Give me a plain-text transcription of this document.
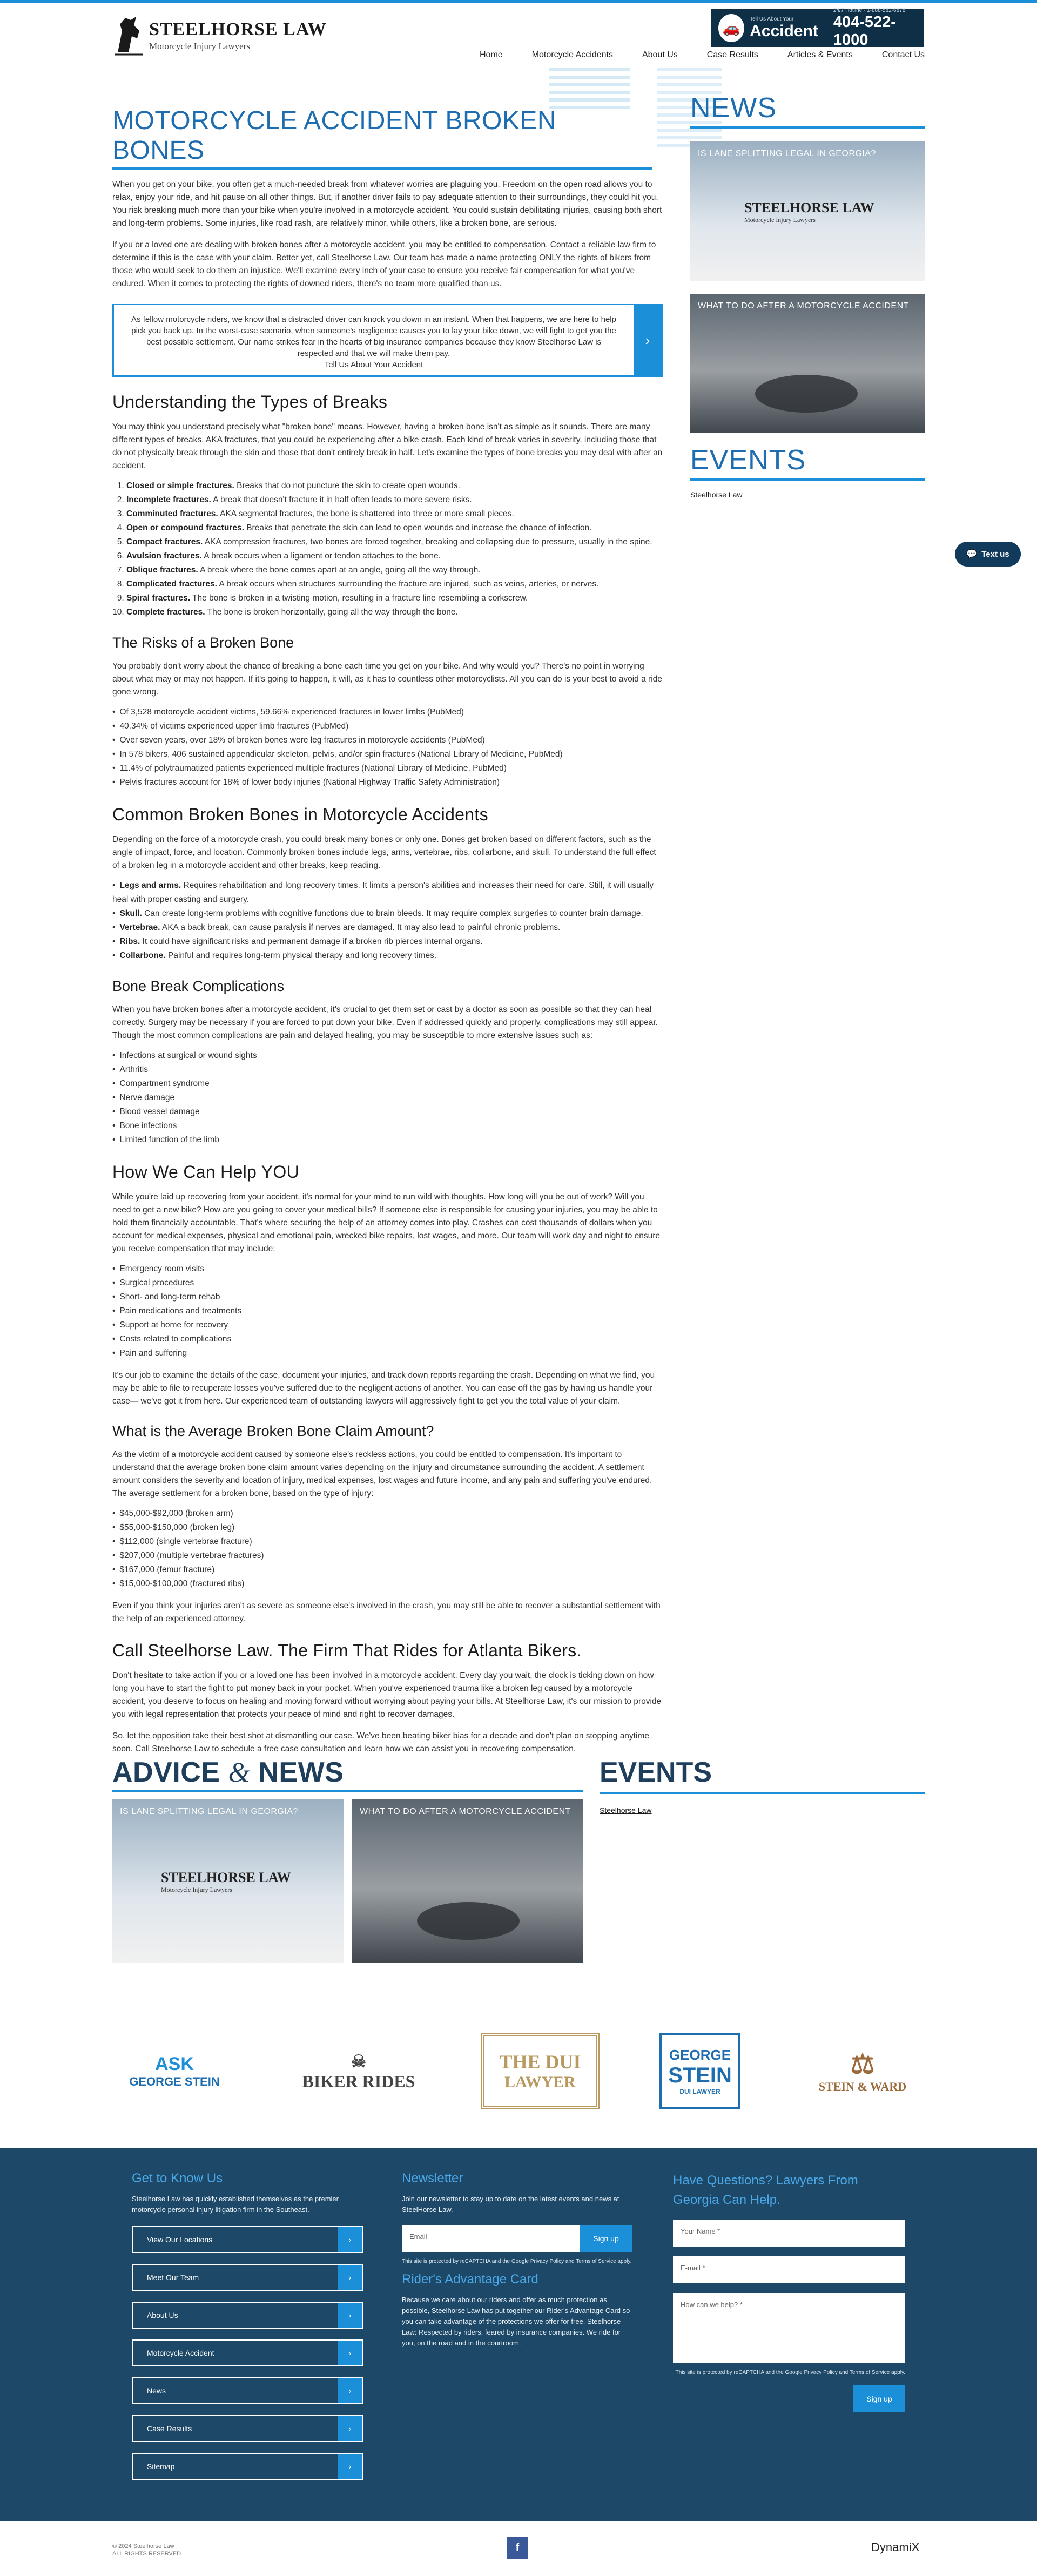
STEELHORSE LAW
Motorcycle Injury Lawyers
🚗
Tell Us About Your
Accident
24/7 Hotline - 1-888-582-6878
404-522-1000
Home	Motorcycle Accidents	About Us	Case Results	Articles & Events	Contact Us
MOTORCYCLE ACCIDENT BROKEN BONES

When you get on your bike, you often get a much-needed break from whatever worries are plaguing you. Freedom on the open road allows you to relax, enjoy your ride, and hit pause on all other things. But, if another driver fails to pay adequate attention to their surroundings, they could hit you. You risk breaking much more than your bike when you're involved in a motorcycle accident. You could sustain debilitating injuries, causing both short and long-term problems. Some injuries, like road rash, are relatively minor, while others, like a broken bone, are serious.

If you or a loved one are dealing with broken bones after a motorcycle accident, you may be entitled to compensation. Contact a reliable law firm to determine if this is the case with your claim. Better yet, call Steelhorse Law. Our team has made a name protecting ONLY the rights of bikers from those who would seek to do them an injustice. We'll examine every inch of your case to ensure you receive fair compensation for what you've endured. When it comes to protecting the rights of downed riders, there's no team more qualified than us.

As fellow motorcycle riders, we know that a distracted driver can knock you down in an instant. When that happens, we are here to help pick you back up. In the worst-case scenario, when someone's negligence causes you to lay your bike down, we will fight to get you the best possible settlement. Our name strikes fear in the hearts of big insurance companies because they know Steelhorse Law is respected and that we will make them pay.
Tell Us About Your Accident
›
Understanding the Types of Breaks

You may think you understand precisely what "broken bone" means. However, having a broken bone isn't as simple as it sounds. There are many different types of breaks, AKA fractures, that you could be experiencing after a bike crash. Each kind of break varies in severity, including those that do not physically break through the skin and those that don't entirely break in half. Let's examine the types of bone breaks you may deal with after an accident.

1. Closed or simple fractures. Breaks that do not puncture the skin to create open wounds.
2. Incomplete fractures. A break that doesn't fracture it in half often leads to more severe risks.
3. Comminuted fractures. AKA segmental fractures, the bone is shattered into three or more small pieces.
4. Open or compound fractures. Breaks that penetrate the skin can lead to open wounds and increase the chance of infection.
5. Compact fractures. AKA compression fractures, two bones are forced together, breaking and collapsing due to pressure, usually in the spine.
6. Avulsion fractures. A break occurs when a ligament or tendon attaches to the bone.
7. Oblique fractures. A break where the bone comes apart at an angle, going all the way through.
8. Complicated fractures. A break occurs when structures surrounding the fracture are injured, such as veins, arteries, or nerves.
9. Spiral fractures. The bone is broken in a twisting motion, resulting in a fracture line resembling a corkscrew.
10. Complete fractures. The bone is broken horizontally, going all the way through the bone.
The Risks of a Broken Bone

You probably don't worry about the chance of breaking a bone each time you get on your bike. And why would you? There's no point in worrying about what may or may not happen. If it's going to happen, it will, as it has to countless other motorcyclists. All you can do is your best to avoid a ride gone wrong.

• Of 3,528 motorcycle accident victims, 59.66% experienced fractures in lower limbs (PubMed)
• 40.34% of victims experienced upper limb fractures (PubMed)
• Over seven years, over 18% of broken bones were leg fractures in motorcycle accidents (PubMed)
• In 578 bikers, 406 sustained appendicular skeleton, pelvis, and/or spin fractures (National Library of Medicine, PubMed)
• 11.4% of polytraumatized patients experienced multiple fractures (National Library of Medicine, PubMed)
• Pelvis fractures account for 18% of lower body injuries (National Highway Traffic Safety Administration)
Common Broken Bones in Motorcycle Accidents

Depending on the force of a motorcycle crash, you could break many bones or only one. Bones get broken based on different factors, such as the angle of impact, force, and location. Commonly broken bones include legs, arms, vertebrae, ribs, collarbone, and skull. To understand the full effect of a broken leg in a motorcycle accident and other breaks, keep reading.

• Legs and arms. Requires rehabilitation and long recovery times. It limits a person's abilities and increases their need for care. Still, it will usually heal with proper casting and surgery.
• Skull. Can create long-term problems with cognitive functions due to brain bleeds. It may require complex surgeries to counter brain damage.
• Vertebrae. AKA a back break, can cause paralysis if nerves are damaged. It may also lead to painful chronic problems.
• Ribs. It could have significant risks and permanent damage if a broken rib pierces internal organs.
• Collarbone. Painful and requires long-term physical therapy and long recovery times.
Bone Break Complications

When you have broken bones after a motorcycle accident, it's crucial to get them set or cast by a doctor as soon as possible so that they can heal correctly. Surgery may be necessary if you are forced to put down your bike. Even if addressed quickly and properly, complications may still appear. Though the most common complications are pain and delayed healing, you may be susceptible to more extensive issues such as:

• Infections at surgical or wound sights
• Arthritis
• Compartment syndrome
• Nerve damage
• Blood vessel damage
• Bone infections
• Limited function of the limb
How We Can Help YOU

While you're laid up recovering from your accident, it's normal for your mind to run wild with thoughts. How long will you be out of work? Will you need to get a new bike? How are you going to cover your medical bills? If someone else is responsible for causing your injuries, you may be able to hold them financially accountable. That's where securing the help of an attorney comes into play. Crashes can cost thousands of dollars when you account for medical expenses, physical and emotional pain, wrecked bike repairs, lost wages, and more. Our team will work day and night to ensure you receive compensation that may include:

• Emergency room visits
• Surgical procedures
• Short- and long-term rehab
• Pain medications and treatments
• Support at home for recovery
• Costs related to complications
• Pain and suffering

It's our job to examine the details of the case, document your injuries, and track down reports regarding the crash. Depending on what we find, you may be able to file to recuperate losses you've suffered due to the negligent actions of another. You can ease off the gas by having us handle your case— we've got it from here. Our experienced team of outstanding lawyers will aggressively fight to get you the total value of your claim.

What is the Average Broken Bone Claim Amount?

As the victim of a motorcycle accident caused by someone else's reckless actions, you could be entitled to compensation. It's important to understand that the average broken bone claim amount varies depending on the injury and circumstance surrounding the accident. A settlement amount considers the severity and location of injury, medical expenses, lost wages and future income, and any pain and suffering you've endured. The average settlement for a broken bone, based on the type of injury:

• $45,000-$92,000 (broken arm)
• $55,000-$150,000 (broken leg)
• $112,000 (single vertebrae fracture)
• $207,000 (multiple vertebrae fractures)
• $167,000 (femur fracture)
• $15,000-$100,000 (fractured ribs)

Even if you think your injuries aren't as severe as someone else's involved in the crash, you may still be able to recover a substantial settlement with the help of an experienced attorney.

Call Steelhorse Law. The Firm That Rides for Atlanta Bikers.

Don't hesitate to take action if you or a loved one has been involved in a motorcycle accident. Every day you wait, the clock is ticking down on how long you have to start the fight to put money back in your pocket. When you've experienced trauma like a broken leg caused by a motorcycle accident, you deserve to focus on healing and moving forward without worrying about paying your bills. At Steelhorse Law, it's our mission to provide you with legal representation that protects your peace of mind and right to recover damages.

So, let the opposition take their best shot at dismantling our case. We've been beating biker bias for a decade and don't plan on stopping anytime soon. Call Steelhorse Law to schedule a free case consultation and learn how we can assist you in recovering compensation.

NEWS
IS LANE SPLITTING LEGAL IN GEORGIA?
STEELHORSE LAW
Motorcycle Injury Lawyers
WHAT TO DO AFTER A MOTORCYCLE ACCIDENT
EVENTS
Steelhorse Law
💬 Text us
ADVICE & NEWS	EVENTS
Steelhorse Law
IS LANE SPLITTING LEGAL IN GEORGIA?
STEELHORSE LAW
Motorcycle Injury Lawyers
WHAT TO DO AFTER A MOTORCYCLE ACCIDENT
ASK
GEORGE STEIN
☠
BIKER RIDES
THE DUI
LAWYER
GEORGE
STEIN
DUI LAWYER
⚖
STEIN & WARD
Get to Know Us
Steelhorse Law has quickly established themselves as the premier motorcycle personal injury litigation firm in the Southeast.
View Our Locations	›
Meet Our Team	›
About Us	›
Motorcycle Accident	›
News	›
Case Results	›
Sitemap	›
Newsletter
Join our newsletter to stay up to date on the latest events and news at SteelHorse Law.
Email	Sign up
This site is protected by reCAPTCHA and the Google Privacy Policy and Terms of Service apply.
Rider's Advantage Card
Because we care about our riders and offer as much protection as possible, Steelhorse Law has put together our Rider's Advantage Card so you can take advantage of the protections we offer for free. Steelhorse Law: Respected by riders, feared by insurance companies. We ride for you, on the road and in the courtroom.
Have Questions? Lawyers From Georgia Can Help.
Your Name *
E-mail *
How can we help? *
This site is protected by reCAPTCHA and the Google Privacy Policy and Terms of Service apply.
Sign up
© 2024 Steelhorse Law
ALL RIGHTS RESERVED
f	DynamiX
